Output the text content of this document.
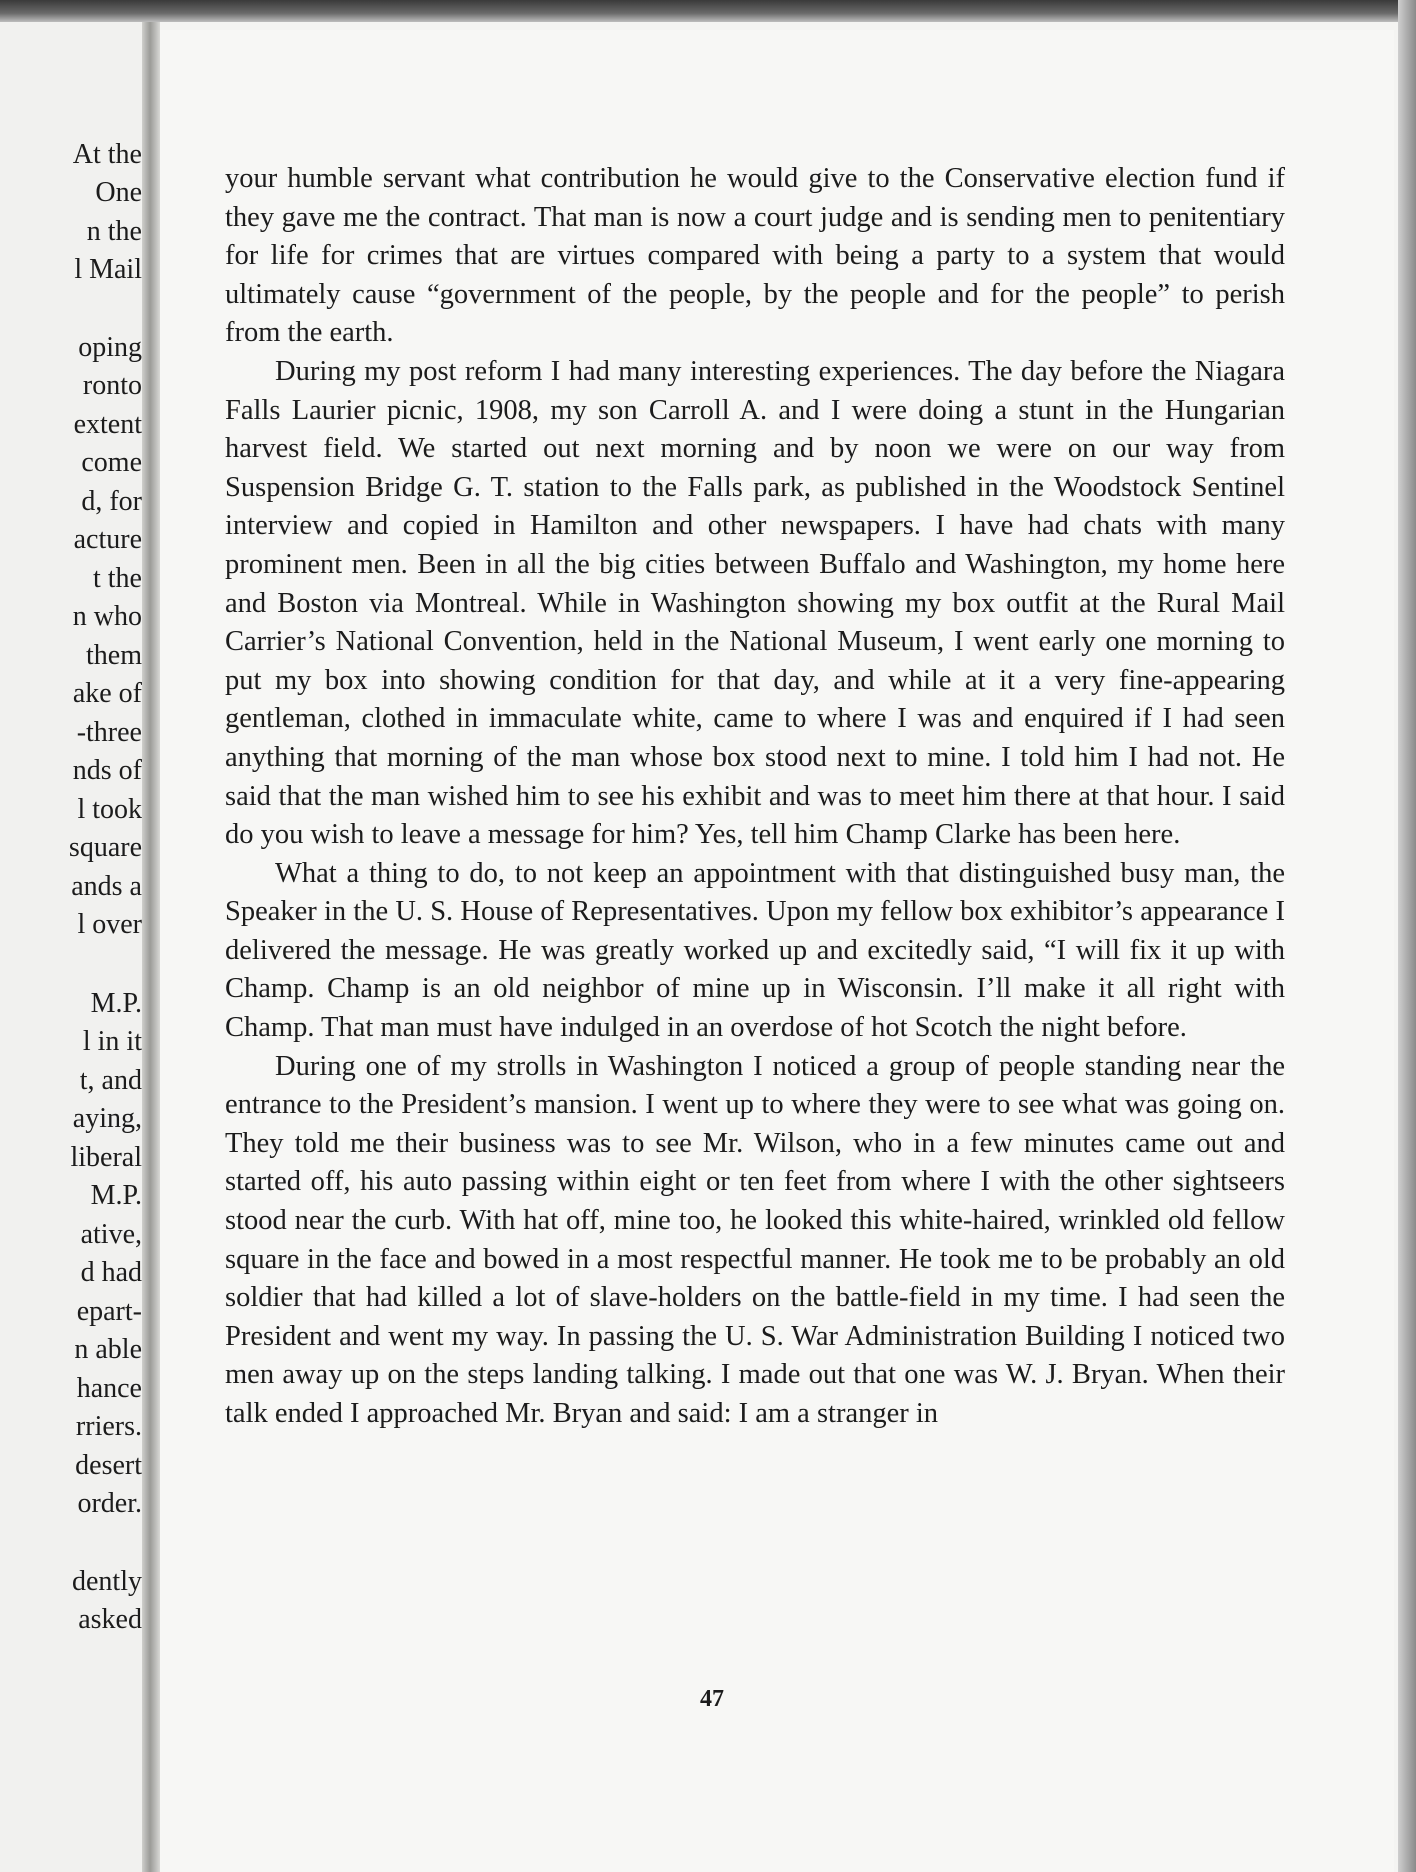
At the
One
n the
l Mail
oping
ronto
extent
come
d, for
acture
t the
n who
them
ake of
-three
nds of
l took
square
ands a
l over
M.P.
l in it
t, and
aying,
liberal
M.P.
ative,
d had
epart-
n able
hance
rriers.
desert
order.
dently
asked

your humble servant what contribution he would give to the Conservative election fund if they gave me the contract. That man is now a court judge and is sending men to penitentiary for life for crimes that are virtues compared with being a party to a system that would ultimately cause “government of the people, by the people and for the people” to perish from the earth.

During my post reform I had many interesting experiences. The day before the Niagara Falls Laurier picnic, 1908, my son Carroll A. and I were doing a stunt in the Hungarian harvest field. We started out next morning and by noon we were on our way from Suspension Bridge G. T. station to the Falls park, as published in the Woodstock Sentinel interview and copied in Hamilton and other newspapers. I have had chats with many prominent men. Been in all the big cities between Buffalo and Washington, my home here and Boston via Montreal. While in Washington showing my box outfit at the Rural Mail Carrier’s National Convention, held in the National Museum, I went early one morning to put my box into showing condition for that day, and while at it a very fine-appearing gentleman, clothed in immaculate white, came to where I was and enquired if I had seen anything that morning of the man whose box stood next to mine. I told him I had not. He said that the man wished him to see his exhibit and was to meet him there at that hour. I said do you wish to leave a message for him? Yes, tell him Champ Clarke has been here.

What a thing to do, to not keep an appointment with that distinguished busy man, the Speaker in the U. S. House of Representatives. Upon my fellow box exhibitor’s appearance I delivered the message. He was greatly worked up and excitedly said, “I will fix it up with Champ. Champ is an old neighbor of mine up in Wisconsin. I’ll make it all right with Champ. That man must have indulged in an overdose of hot Scotch the night before.

During one of my strolls in Washington I noticed a group of people standing near the entrance to the President’s mansion. I went up to where they were to see what was going on. They told me their business was to see Mr. Wilson, who in a few minutes came out and started off, his auto passing within eight or ten feet from where I with the other sightseers stood near the curb. With hat off, mine too, he looked this white-haired, wrinkled old fellow square in the face and bowed in a most respectful manner. He took me to be probably an old soldier that had killed a lot of slave-holders on the battle-field in my time. I had seen the President and went my way. In passing the U. S. War Administration Building I noticed two men away up on the steps landing talking. I made out that one was W. J. Bryan. When their talk ended I approached Mr. Bryan and said: I am a stranger in

47
